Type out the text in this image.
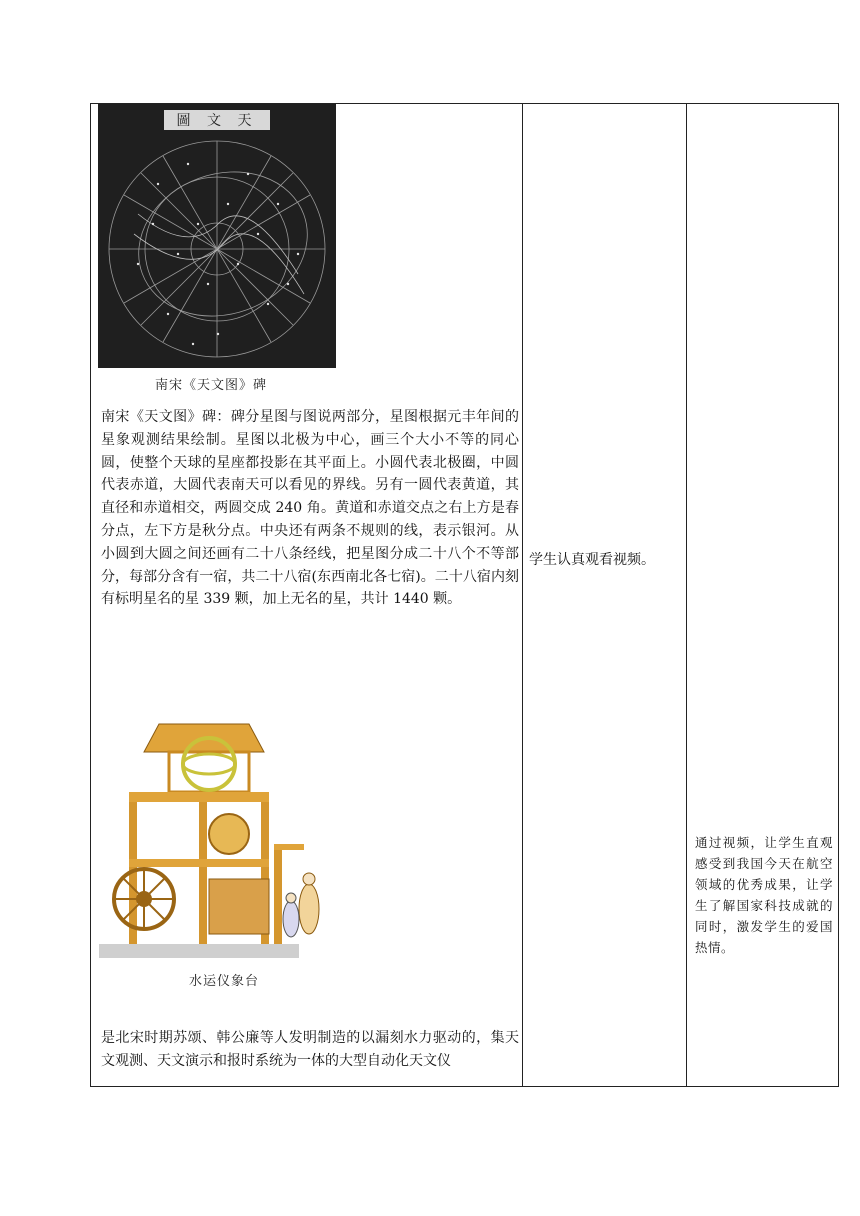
圖 文 天
南宋《天文图》碑

南宋《天文图》碑：碑分星图与图说两部分，星图根据元丰年间的星象观测结果绘制。星图以北极为中心，画三个大小不等的同心圆，使整个天球的星座都投影在其平面上。小圆代表北极圈，中圆代表赤道，大圆代表南天可以看见的界线。另有一圆代表黄道，其直径和赤道相交，两圆交成 240 角。黄道和赤道交点之右上方是春分点，左下方是秋分点。中央还有两条不规则的线，表示银河。从小圆到大圆之间还画有二十八条经线，把星图分成二十八个不等部分，每部分含有一宿，共二十八宿(东西南北各七宿)。二十八宿内刻有标明星名的星 339 颗，加上无名的星，共计 1440 颗。

水运仪象台

是北宋时期苏颂、韩公廉等人发明制造的以漏刻水力驱动的，集天文观测、天文演示和报时系统为一体的大型自动化天文仪

学生认真观看视频。
通过视频，让学生直观感受到我国今天在航空领域的优秀成果，让学生了解国家科技成就的同时，激发学生的爱国热情。
